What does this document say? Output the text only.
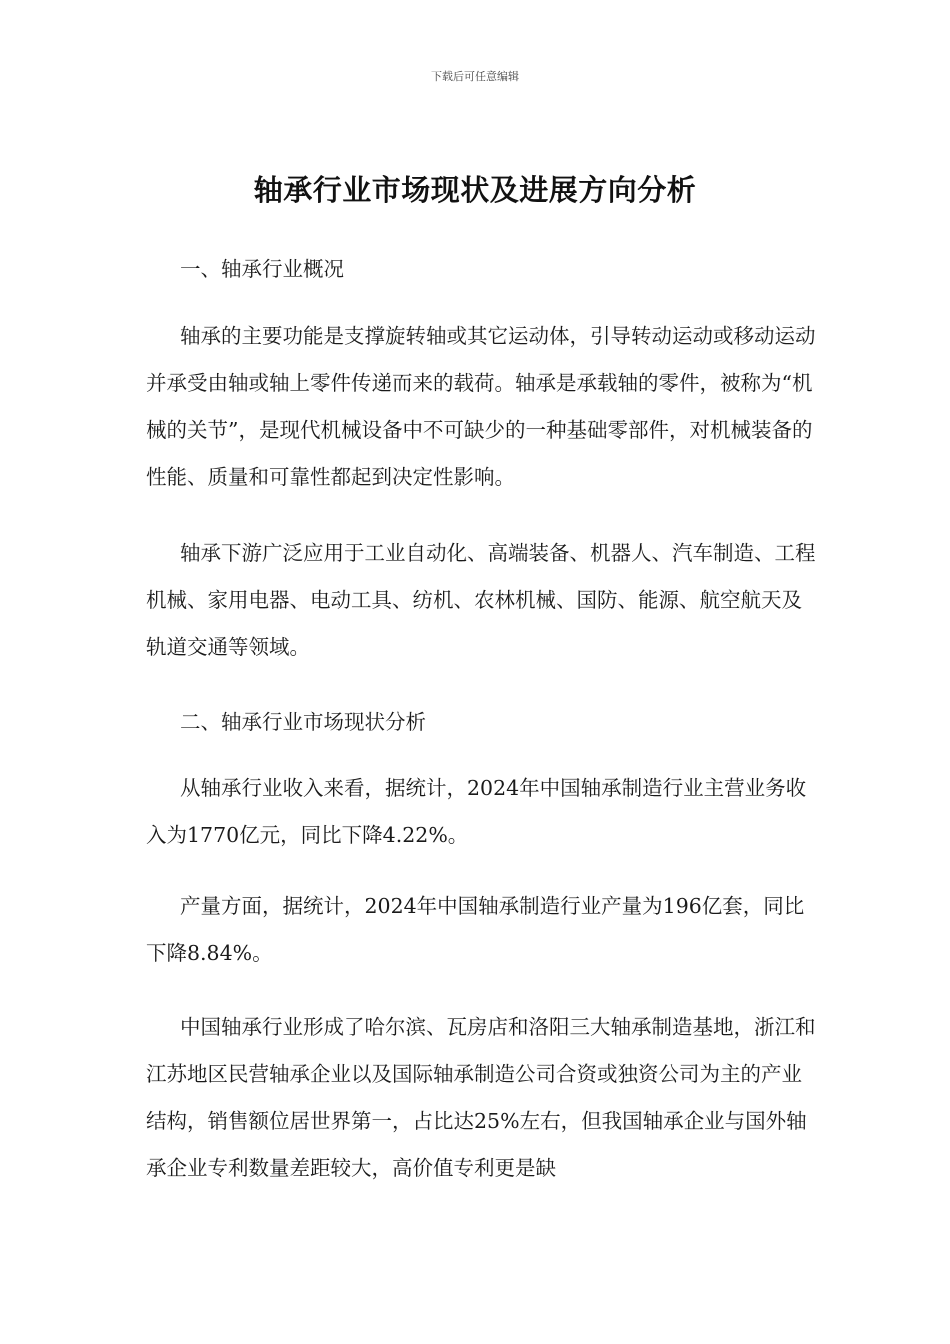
下载后可任意编辑
轴承行业市场现状及进展方向分析

一、轴承行业概况

轴承的主要功能是支撑旋转轴或其它运动体，引导转动运动或移动运动并承受由轴或轴上零件传递而来的载荷。轴承是承载轴的零件，被称为“机械的关节”，是现代机械设备中不可缺少的一种基础零部件，对机械装备的性能、质量和可靠性都起到决定性影响。

轴承下游广泛应用于工业自动化、高端装备、机器人、汽车制造、工程机械、家用电器、电动工具、纺机、农林机械、国防、能源、航空航天及轨道交通等领域。

二、轴承行业市场现状分析

从轴承行业收入来看，据统计，2024年中国轴承制造行业主营业务收入为1770亿元，同比下降4.22%。

产量方面，据统计，2024年中国轴承制造行业产量为196亿套，同比下降8.84%。

中国轴承行业形成了哈尔滨、瓦房店和洛阳三大轴承制造基地，浙江和江苏地区民营轴承企业以及国际轴承制造公司合资或独资公司为主的产业结构，销售额位居世界第一，占比达25%左右，但我国轴承企业与国外轴承企业专利数量差距较大，高价值专利更是缺
